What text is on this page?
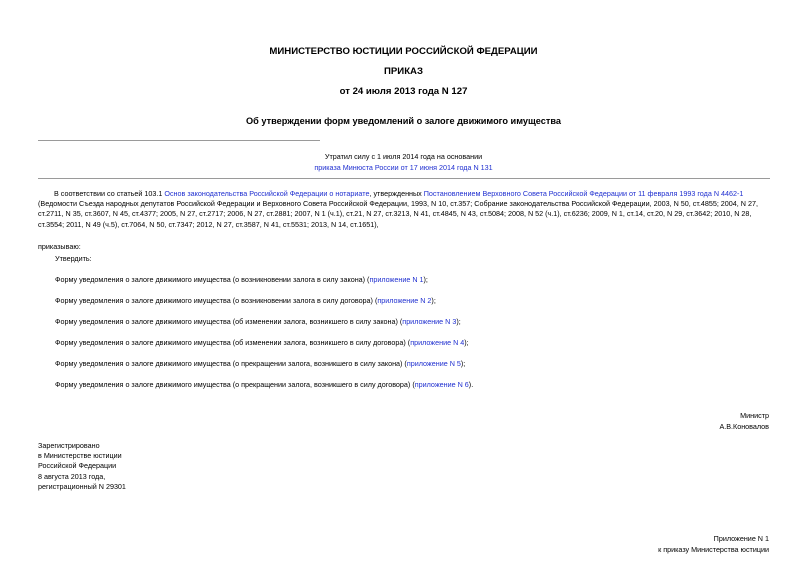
МИНИСТЕРСТВО ЮСТИЦИИ РОССИЙСКОЙ ФЕДЕРАЦИИ
ПРИКАЗ
от 24 июля 2013 года N 127
Об утверждении форм уведомлений о залоге движимого имущества
Утратил силу с 1 июля 2014 года на основании
приказа Минюста России от 17 июня 2014 года N 131
В соответствии со статьей 103.1 Основ законодательства Российской Федерации о нотариате, утвержденных Постановлением Верховного Совета Российской Федерации от 11 февраля 1993 года N 4462-1 (Ведомости Съезда народных депутатов Российской Федерации и Верховного Совета Российской Федерации, 1993, N 10, ст.357; Собрание законодательства Российской Федерации, 2003, N 50, ст.4855; 2004, N 27, ст.2711, N 35, ст.3607, N 45, ст.4377; 2005, N 27, ст.2717; 2006, N 27, ст.2881; 2007, N 1 (ч.1), ст.21, N 27, ст.3213, N 41, ст.4845, N 43, ст.5084; 2008, N 52 (ч.1), ст.6236; 2009, N 1, ст.14, ст.20, N 29, ст.3642; 2010, N 28, ст.3554; 2011, N 49 (ч.5), ст.7064, N 50, ст.7347; 2012, N 27, ст.3587, N 41, ст.5531; 2013, N 14, ст.1651),
приказываю:
Утвердить:
Форму уведомления о залоге движимого имущества (о возникновении залога в силу закона) (приложение N 1);
Форму уведомления о залоге движимого имущества (о возникновении залога в силу договора) (приложение N 2);
Форму уведомления о залоге движимого имущества (об изменении залога, возникшего в силу закона) (приложение N 3);
Форму уведомления о залоге движимого имущества (об изменении залога, возникшего в силу договора) (приложение N 4);
Форму уведомления о залоге движимого имущества (о прекращении залога, возникшего в силу закона) (приложение N 5);
Форму уведомления о залоге движимого имущества (о прекращении залога, возникшего в силу договора) (приложение N 6).
Министр
А.В.Коновалов
Зарегистрировано
в Министерстве юстиции
Российской Федерации
8 августа 2013 года,
регистрационный N 29301
Приложение N 1
к приказу Министерства юстиции
